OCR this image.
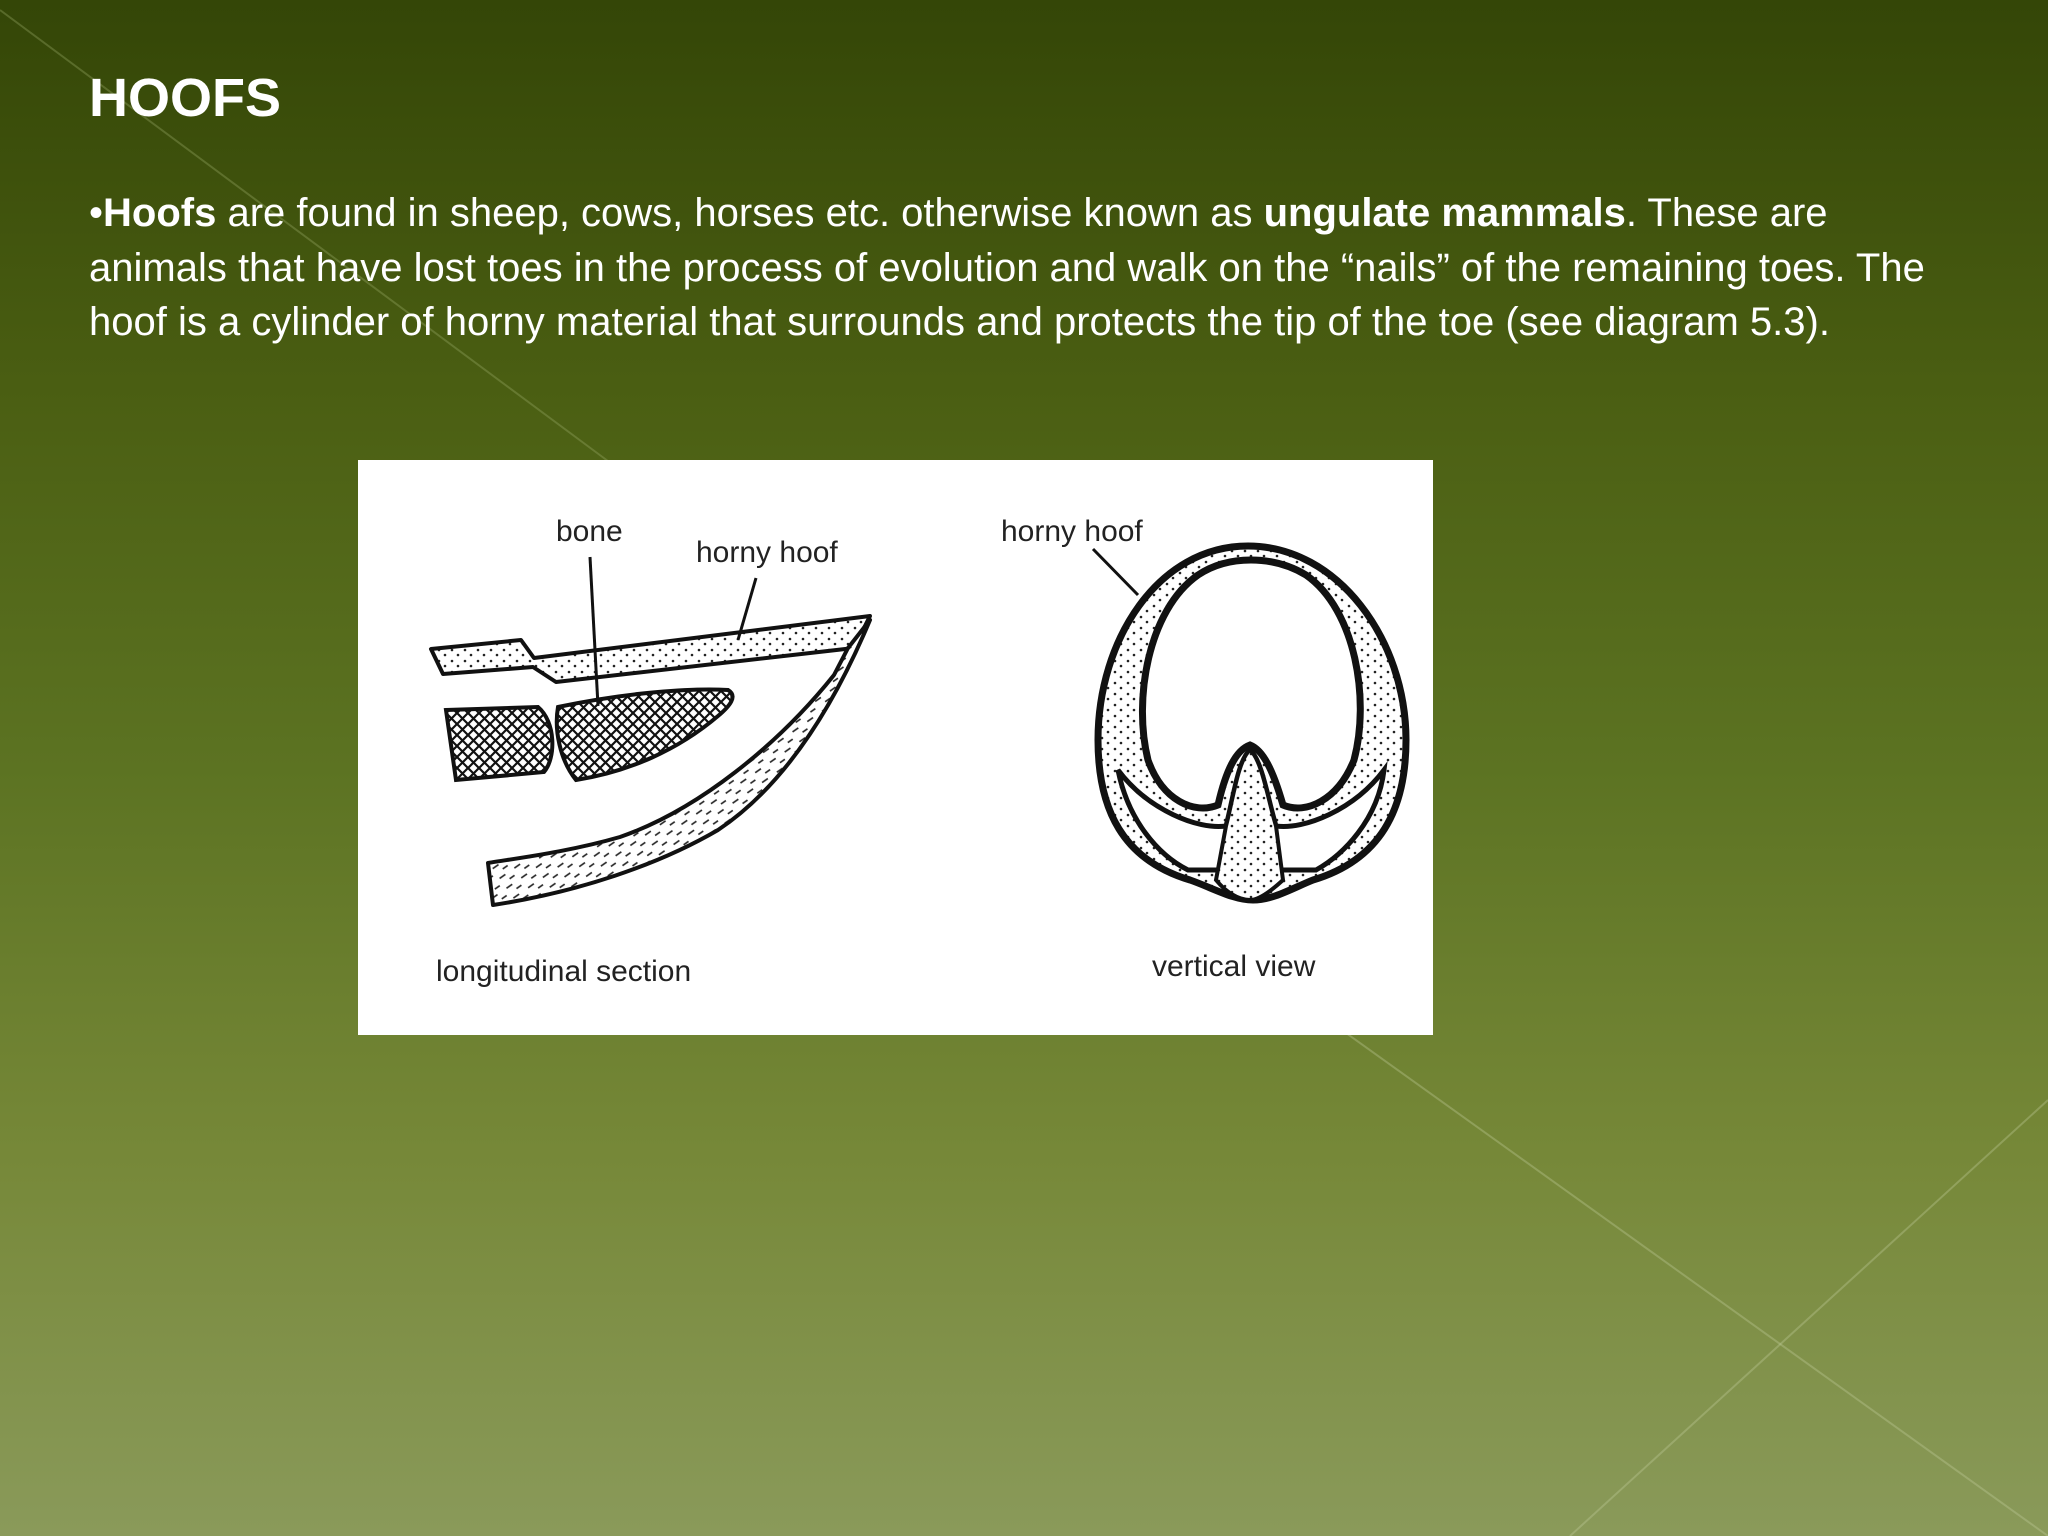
HOOFS

•Hoofs are found in sheep, cows, horses etc. otherwise known as ungulate mammals. These are animals that have lost toes in the process of evolution and walk on the “nails” of the remaining toes. The hoof is a cylinder of horny material that surrounds and protects the tip of the toe (see diagram 5.3).

bone
horny hoof
horny hoof
longitudinal section	vertical view
